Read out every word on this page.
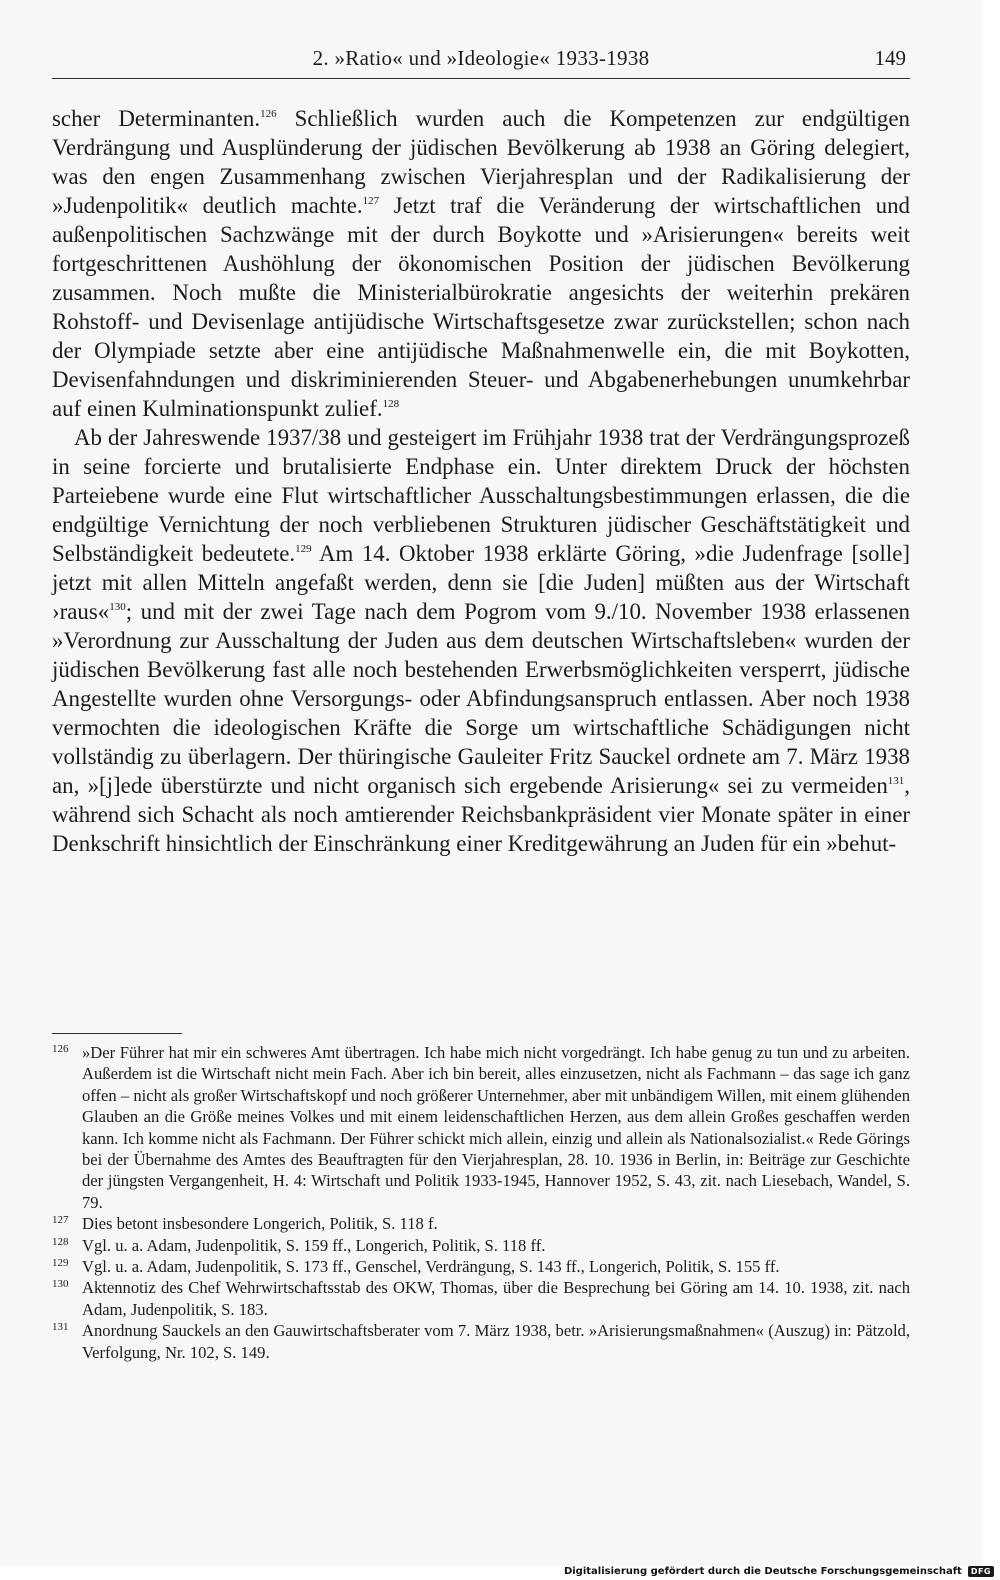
2. »Ratio« und »Ideologie« 1933-1938	149

scher Determinanten.$^{126}$ Schließlich wurden auch die Kompetenzen zur endgültigen Verdrängung und Ausplünderung der jüdischen Bevölkerung ab 1938 an Göring delegiert, was den engen Zusammenhang zwischen Vierjahresplan und der Radikalisierung der »Judenpolitik« deutlich machte.$^{127}$ Jetzt traf die Veränderung der wirtschaftlichen und außenpolitischen Sachzwänge mit der durch Boykotte und »Arisierungen« bereits weit fortgeschrittenen Aushöhlung der ökonomischen Position der jüdischen Bevölkerung zusammen. Noch mußte die Ministerialbürokratie angesichts der weiterhin prekären Rohstoff- und Devisenlage antijüdische Wirtschaftsgesetze zwar zurückstellen; schon nach der Olympiade setzte aber eine antijüdische Maßnahmenwelle ein, die mit Boykotten, Devisenfahndungen und diskriminierenden Steuer- und Abgabenerhebungen unumkehrbar auf einen Kulminationspunkt zulief.$^{128}$

Ab der Jahreswende 1937/38 und gesteigert im Frühjahr 1938 trat der Verdrängungsprozeß in seine forcierte und brutalisierte Endphase ein. Unter direktem Druck der höchsten Parteiebene wurde eine Flut wirtschaftlicher Ausschaltungsbestimmungen erlassen, die die endgültige Vernichtung der noch verbliebenen Strukturen jüdischer Geschäftstätigkeit und Selbständigkeit bedeutete.$^{129}$ Am 14. Oktober 1938 erklärte Göring, »die Judenfrage [solle] jetzt mit allen Mitteln angefaßt werden, denn sie [die Juden] müßten aus der Wirtschaft ›raus«$^{130}$; und mit der zwei Tage nach dem Pogrom vom 9./10. November 1938 erlassenen »Verordnung zur Ausschaltung der Juden aus dem deutschen Wirtschaftsleben« wurden der jüdischen Bevölkerung fast alle noch bestehenden Erwerbsmöglichkeiten versperrt, jüdische Angestellte wurden ohne Versorgungs- oder Abfindungsanspruch entlassen. Aber noch 1938 vermochten die ideologischen Kräfte die Sorge um wirtschaftliche Schädigungen nicht vollständig zu überlagern. Der thüringische Gauleiter Fritz Sauckel ordnete am 7. März 1938 an, »[j]ede überstürzte und nicht organisch sich ergebende Arisierung« sei zu vermeiden$^{131}$, während sich Schacht als noch amtierender Reichsbankpräsident vier Monate später in einer Denkschrift hinsichtlich der Einschränkung einer Kreditgewährung an Juden für ein »behut-

126 »Der Führer hat mir ein schweres Amt übertragen. Ich habe mich nicht vorgedrängt. Ich habe genug zu tun und zu arbeiten. Außerdem ist die Wirtschaft nicht mein Fach. Aber ich bin bereit, alles einzusetzen, nicht als Fachmann – das sage ich ganz offen – nicht als großer Wirtschaftskopf und noch größerer Unternehmer, aber mit unbändigem Willen, mit einem glühenden Glauben an die Größe meines Volkes und mit einem leidenschaftlichen Herzen, aus dem allein Großes geschaffen werden kann. Ich komme nicht als Fachmann. Der Führer schickt mich allein, einzig und allein als Nationalsozialist.« Rede Görings bei der Übernahme des Amtes des Beauftragten für den Vierjahresplan, 28. 10. 1936 in Berlin, in: Beiträge zur Geschichte der jüngsten Vergangenheit, H. 4: Wirtschaft und Politik 1933-1945, Hannover 1952, S. 43, zit. nach Liesebach, Wandel, S. 79.
127 Dies betont insbesondere Longerich, Politik, S. 118 f.
128 Vgl. u. a. Adam, Judenpolitik, S. 159 ff., Longerich, Politik, S. 118 ff.
129 Vgl. u. a. Adam, Judenpolitik, S. 173 ff., Genschel, Verdrängung, S. 143 ff., Longerich, Politik, S. 155 ff.
130 Aktennotiz des Chef Wehrwirtschaftsstab des OKW, Thomas, über die Besprechung bei Göring am 14. 10. 1938, zit. nach Adam, Judenpolitik, S. 183.
131 Anordnung Sauckels an den Gauwirtschaftsberater vom 7. März 1938, betr. »Arisierungsmaßnahmen« (Auszug) in: Pätzold, Verfolgung, Nr. 102, S. 149.
Digitalisierung gefördert durch die Deutsche Forschungsgemeinschaft	DFG
